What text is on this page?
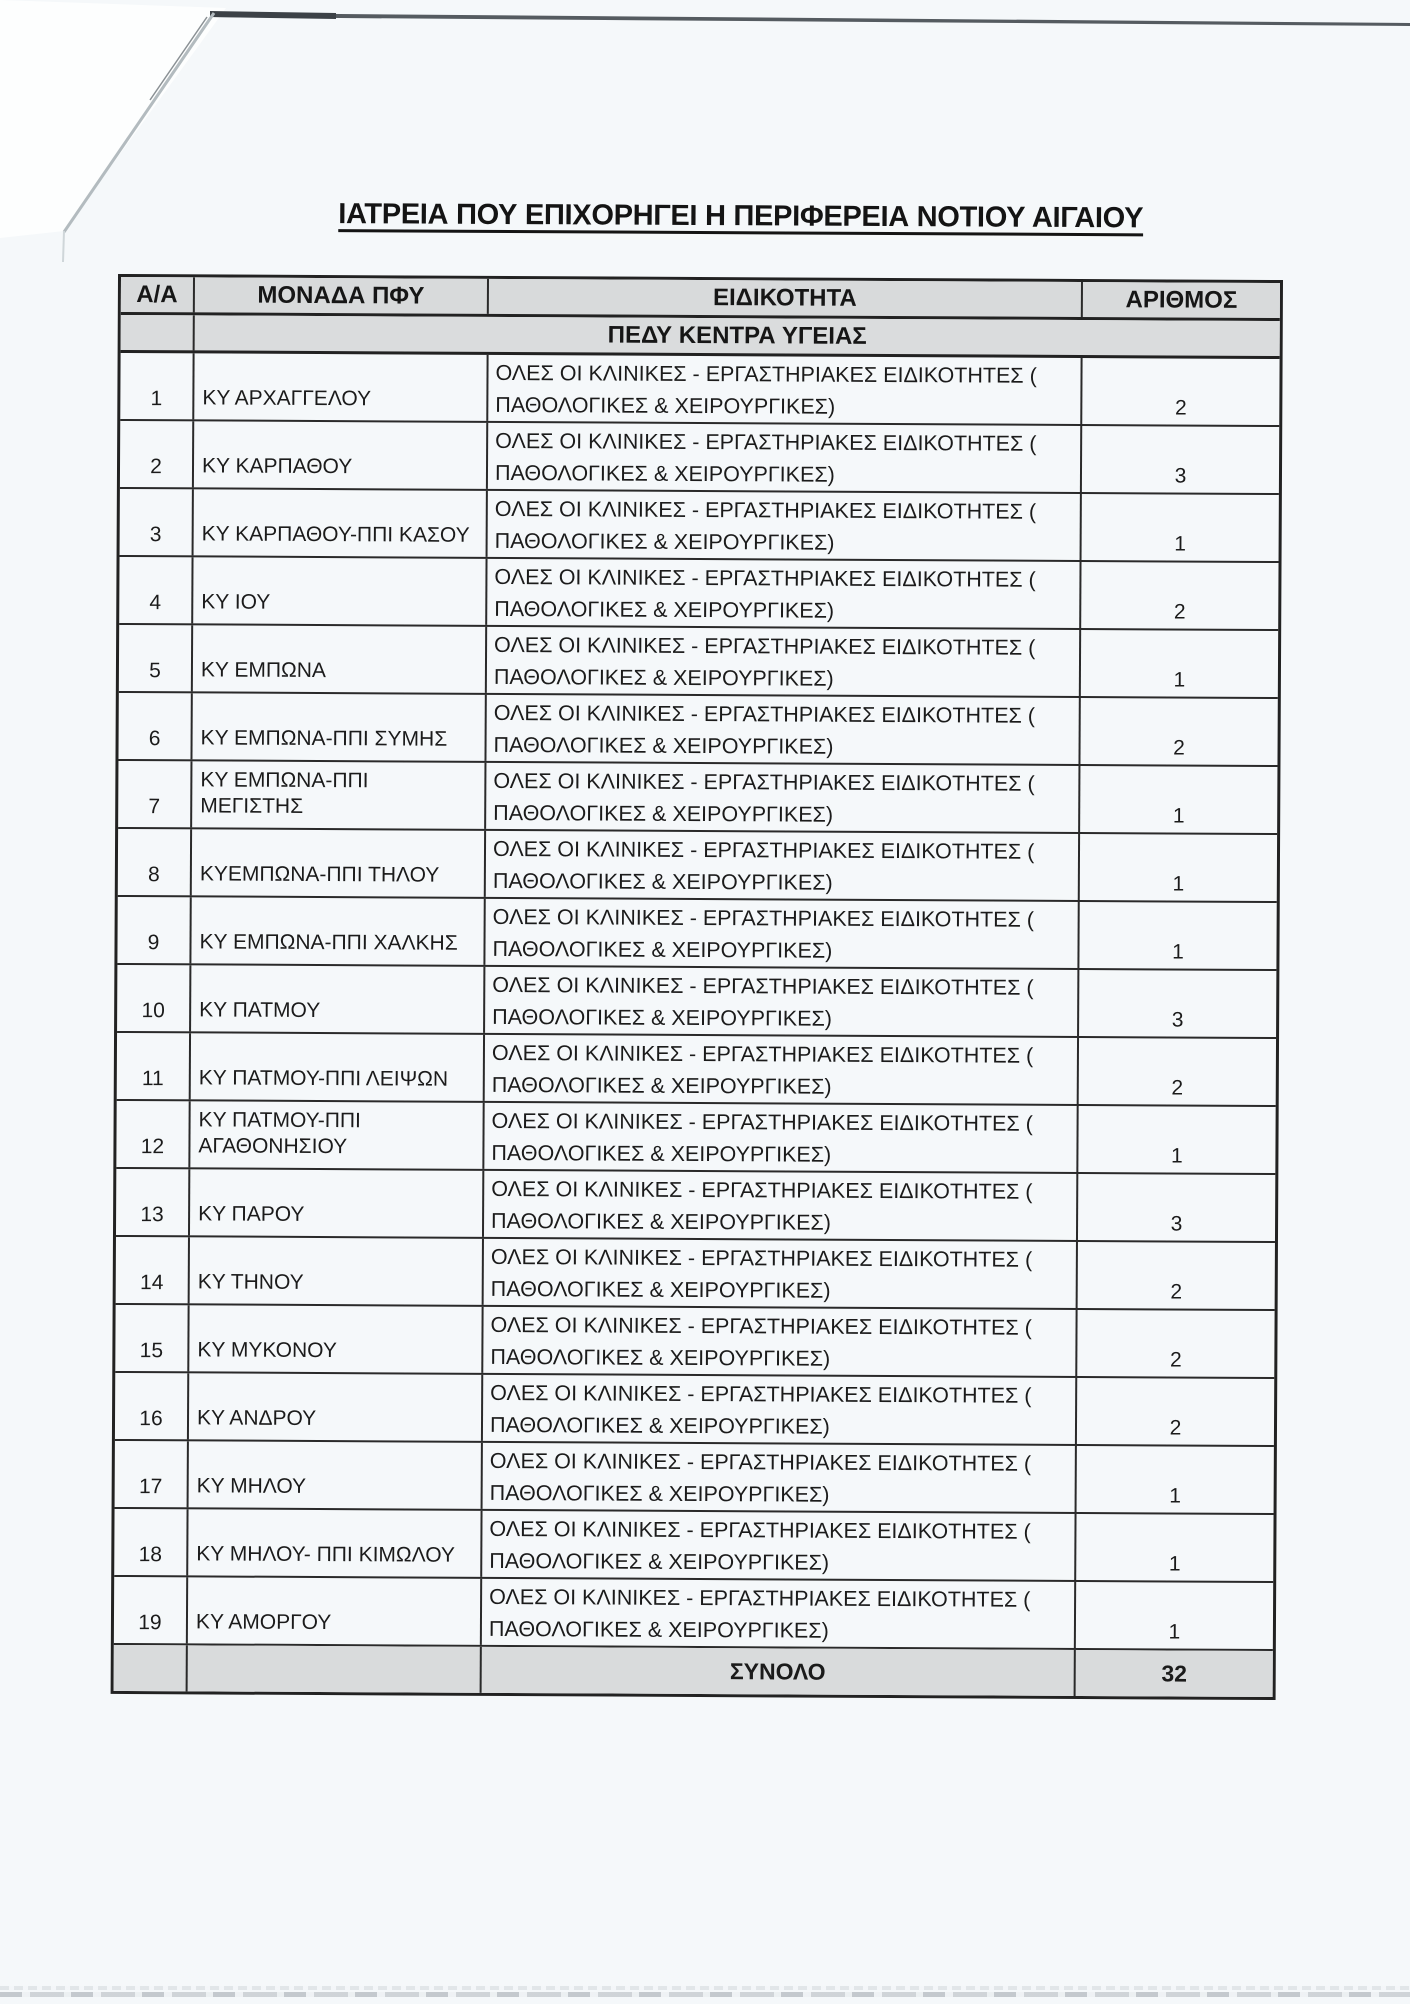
ΙΑΤΡΕΙΑ ΠΟΥ ΕΠΙΧΟΡΗΓΕΙ Η ΠΕΡΙΦΕΡΕΙΑ ΝΟΤΙΟΥ ΑΙΓΑΙΟΥ
Α/Α	ΜΟΝΑΔΑ ΠΦΥ	ΕΙΔΙΚΟΤΗΤΑ	ΑΡΙΘΜΟΣ
ΠΕΔΥ ΚΕΝΤΡΑ ΥΓΕΙΑΣ
1 ΚΥ ΑΡΧΑΓΓΕΛΟΥ
ΟΛΕΣ ΟΙ ΚΛΙΝΙΚΕΣ - ΕΡΓΑΣΤΗΡΙΑΚΕΣ ΕΙΔΙΚΟΤΗΤΕΣ (
ΠΑΘΟΛΟΓΙΚΕΣ & ΧΕΙΡΟΥΡΓΙΚΕΣ)	2
2 ΚΥ ΚΑΡΠΑΘΟΥ
ΟΛΕΣ ΟΙ ΚΛΙΝΙΚΕΣ - ΕΡΓΑΣΤΗΡΙΑΚΕΣ ΕΙΔΙΚΟΤΗΤΕΣ (
ΠΑΘΟΛΟΓΙΚΕΣ & ΧΕΙΡΟΥΡΓΙΚΕΣ)	3
3 ΚΥ ΚΑΡΠΑΘΟΥ-ΠΠΙ ΚΑΣΟΥ
ΟΛΕΣ ΟΙ ΚΛΙΝΙΚΕΣ - ΕΡΓΑΣΤΗΡΙΑΚΕΣ ΕΙΔΙΚΟΤΗΤΕΣ (
ΠΑΘΟΛΟΓΙΚΕΣ & ΧΕΙΡΟΥΡΓΙΚΕΣ)	1
4 ΚΥ ΙΟΥ
ΟΛΕΣ ΟΙ ΚΛΙΝΙΚΕΣ - ΕΡΓΑΣΤΗΡΙΑΚΕΣ ΕΙΔΙΚΟΤΗΤΕΣ (
ΠΑΘΟΛΟΓΙΚΕΣ & ΧΕΙΡΟΥΡΓΙΚΕΣ)	2
5 ΚΥ ΕΜΠΩΝΑ
ΟΛΕΣ ΟΙ ΚΛΙΝΙΚΕΣ - ΕΡΓΑΣΤΗΡΙΑΚΕΣ ΕΙΔΙΚΟΤΗΤΕΣ (
ΠΑΘΟΛΟΓΙΚΕΣ & ΧΕΙΡΟΥΡΓΙΚΕΣ)	1
6 ΚΥ ΕΜΠΩΝΑ-ΠΠΙ ΣΥΜΗΣ
ΟΛΕΣ ΟΙ ΚΛΙΝΙΚΕΣ - ΕΡΓΑΣΤΗΡΙΑΚΕΣ ΕΙΔΙΚΟΤΗΤΕΣ (
ΠΑΘΟΛΟΓΙΚΕΣ & ΧΕΙΡΟΥΡΓΙΚΕΣ)	2
7
ΚΥ ΕΜΠΩΝΑ-ΠΠΙ
ΜΕΓΙΣΤΗΣ
ΟΛΕΣ ΟΙ ΚΛΙΝΙΚΕΣ - ΕΡΓΑΣΤΗΡΙΑΚΕΣ ΕΙΔΙΚΟΤΗΤΕΣ (
ΠΑΘΟΛΟΓΙΚΕΣ & ΧΕΙΡΟΥΡΓΙΚΕΣ)	1
8 ΚΥΕΜΠΩΝΑ-ΠΠΙ ΤΗΛΟΥ
ΟΛΕΣ ΟΙ ΚΛΙΝΙΚΕΣ - ΕΡΓΑΣΤΗΡΙΑΚΕΣ ΕΙΔΙΚΟΤΗΤΕΣ (
ΠΑΘΟΛΟΓΙΚΕΣ & ΧΕΙΡΟΥΡΓΙΚΕΣ)	1
9 ΚΥ ΕΜΠΩΝΑ-ΠΠΙ ΧΑΛΚΗΣ
ΟΛΕΣ ΟΙ ΚΛΙΝΙΚΕΣ - ΕΡΓΑΣΤΗΡΙΑΚΕΣ ΕΙΔΙΚΟΤΗΤΕΣ (
ΠΑΘΟΛΟΓΙΚΕΣ & ΧΕΙΡΟΥΡΓΙΚΕΣ)	1
10 ΚΥ ΠΑΤΜΟΥ
ΟΛΕΣ ΟΙ ΚΛΙΝΙΚΕΣ - ΕΡΓΑΣΤΗΡΙΑΚΕΣ ΕΙΔΙΚΟΤΗΤΕΣ (
ΠΑΘΟΛΟΓΙΚΕΣ & ΧΕΙΡΟΥΡΓΙΚΕΣ)	3
11 ΚΥ ΠΑΤΜΟΥ-ΠΠΙ ΛΕΙΨΩΝ
ΟΛΕΣ ΟΙ ΚΛΙΝΙΚΕΣ - ΕΡΓΑΣΤΗΡΙΑΚΕΣ ΕΙΔΙΚΟΤΗΤΕΣ (
ΠΑΘΟΛΟΓΙΚΕΣ & ΧΕΙΡΟΥΡΓΙΚΕΣ)	2
12
ΚΥ ΠΑΤΜΟΥ-ΠΠΙ
ΑΓΑΘΟΝΗΣΙΟΥ
ΟΛΕΣ ΟΙ ΚΛΙΝΙΚΕΣ - ΕΡΓΑΣΤΗΡΙΑΚΕΣ ΕΙΔΙΚΟΤΗΤΕΣ (
ΠΑΘΟΛΟΓΙΚΕΣ & ΧΕΙΡΟΥΡΓΙΚΕΣ)	1
13 ΚΥ ΠΑΡΟΥ
ΟΛΕΣ ΟΙ ΚΛΙΝΙΚΕΣ - ΕΡΓΑΣΤΗΡΙΑΚΕΣ ΕΙΔΙΚΟΤΗΤΕΣ (
ΠΑΘΟΛΟΓΙΚΕΣ & ΧΕΙΡΟΥΡΓΙΚΕΣ)	3
14 ΚΥ ΤΗΝΟΥ
ΟΛΕΣ ΟΙ ΚΛΙΝΙΚΕΣ - ΕΡΓΑΣΤΗΡΙΑΚΕΣ ΕΙΔΙΚΟΤΗΤΕΣ (
ΠΑΘΟΛΟΓΙΚΕΣ & ΧΕΙΡΟΥΡΓΙΚΕΣ)	2
15 ΚΥ ΜΥΚΟΝΟΥ
ΟΛΕΣ ΟΙ ΚΛΙΝΙΚΕΣ - ΕΡΓΑΣΤΗΡΙΑΚΕΣ ΕΙΔΙΚΟΤΗΤΕΣ (
ΠΑΘΟΛΟΓΙΚΕΣ & ΧΕΙΡΟΥΡΓΙΚΕΣ)	2
16 ΚΥ ΑΝΔΡΟΥ
ΟΛΕΣ ΟΙ ΚΛΙΝΙΚΕΣ - ΕΡΓΑΣΤΗΡΙΑΚΕΣ ΕΙΔΙΚΟΤΗΤΕΣ (
ΠΑΘΟΛΟΓΙΚΕΣ & ΧΕΙΡΟΥΡΓΙΚΕΣ)	2
17 ΚΥ ΜΗΛΟΥ
ΟΛΕΣ ΟΙ ΚΛΙΝΙΚΕΣ - ΕΡΓΑΣΤΗΡΙΑΚΕΣ ΕΙΔΙΚΟΤΗΤΕΣ (
ΠΑΘΟΛΟΓΙΚΕΣ & ΧΕΙΡΟΥΡΓΙΚΕΣ)	1
18 ΚΥ ΜΗΛΟΥ- ΠΠΙ ΚΙΜΩΛΟΥ
ΟΛΕΣ ΟΙ ΚΛΙΝΙΚΕΣ - ΕΡΓΑΣΤΗΡΙΑΚΕΣ ΕΙΔΙΚΟΤΗΤΕΣ (
ΠΑΘΟΛΟΓΙΚΕΣ & ΧΕΙΡΟΥΡΓΙΚΕΣ)	1
19 ΚΥ ΑΜΟΡΓΟΥ
ΟΛΕΣ ΟΙ ΚΛΙΝΙΚΕΣ - ΕΡΓΑΣΤΗΡΙΑΚΕΣ ΕΙΔΙΚΟΤΗΤΕΣ (
ΠΑΘΟΛΟΓΙΚΕΣ & ΧΕΙΡΟΥΡΓΙΚΕΣ)	1
ΣΥΝΟΛΟ	32
